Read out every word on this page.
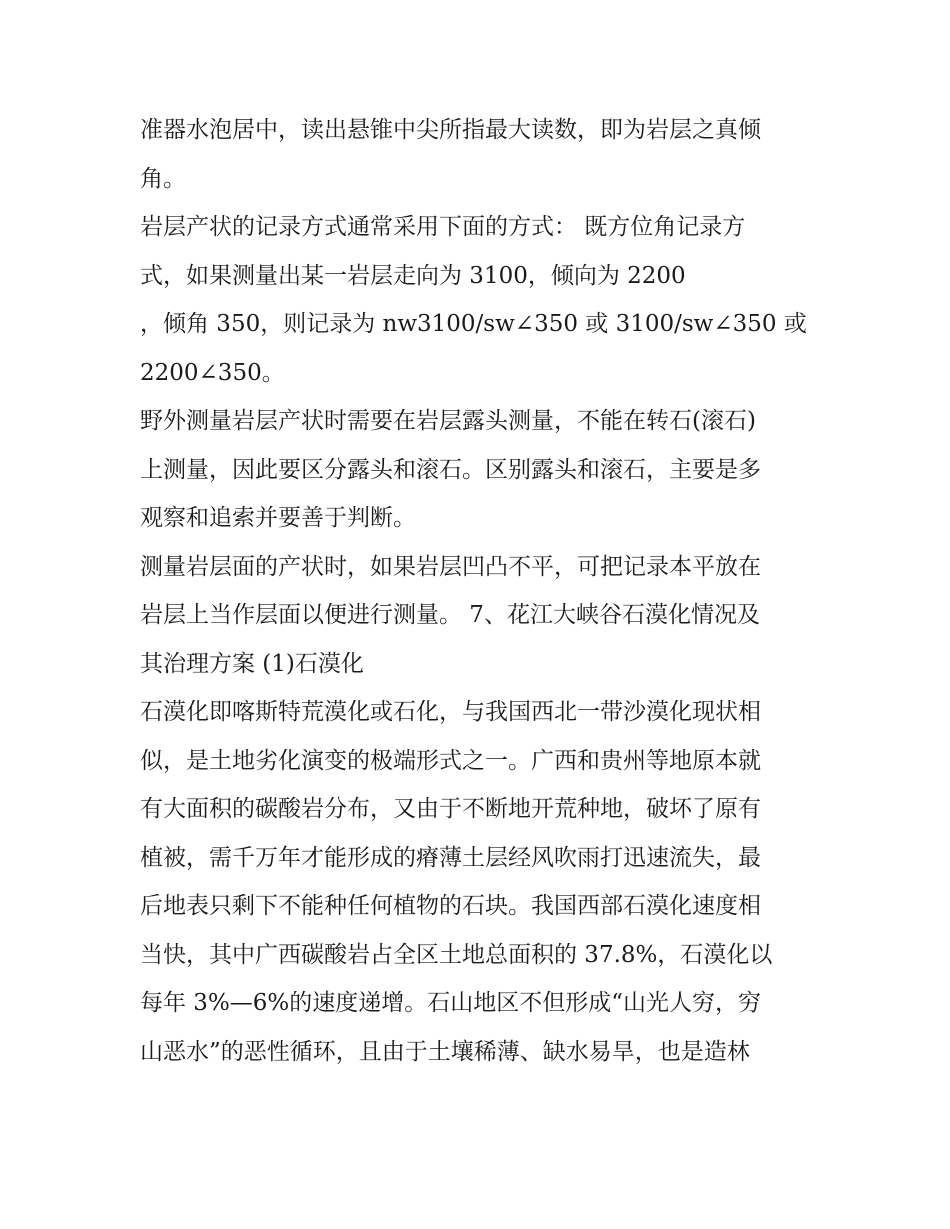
准器水泡居中，读出悬锥中尖所指最大读数，即为岩层之真倾
角。
岩层产状的记录方式通常采用下面的方式： 既方位角记录方
式，如果测量出某一岩层走向为 3100，倾向为 2200
，倾角 350，则记录为 nw3100/sw∠350 或 3100/sw∠350 或
2200∠350。
野外测量岩层产状时需要在岩层露头测量，不能在转石(滚石)
上测量，因此要区分露头和滚石。区别露头和滚石，主要是多
观察和追索并要善于判断。
测量岩层面的产状时，如果岩层凹凸不平，可把记录本平放在
岩层上当作层面以便进行测量。 7、花江大峡谷石漠化情况及
其治理方案 (1)石漠化
石漠化即喀斯特荒漠化或石化，与我国西北一带沙漠化现状相
似，是土地劣化演变的极端形式之一。广西和贵州等地原本就
有大面积的碳酸岩分布，又由于不断地开荒种地，破坏了原有
植被，需千万年才能形成的瘠薄土层经风吹雨打迅速流失，最
后地表只剩下不能种任何植物的石块。我国西部石漠化速度相
当快，其中广西碳酸岩占全区土地总面积的 37.8%，石漠化以
每年 3%—6%的速度递增。石山地区不但形成“山光人穷，穷
山恶水”的恶性循环，且由于土壤稀薄、缺水易旱，也是造林
